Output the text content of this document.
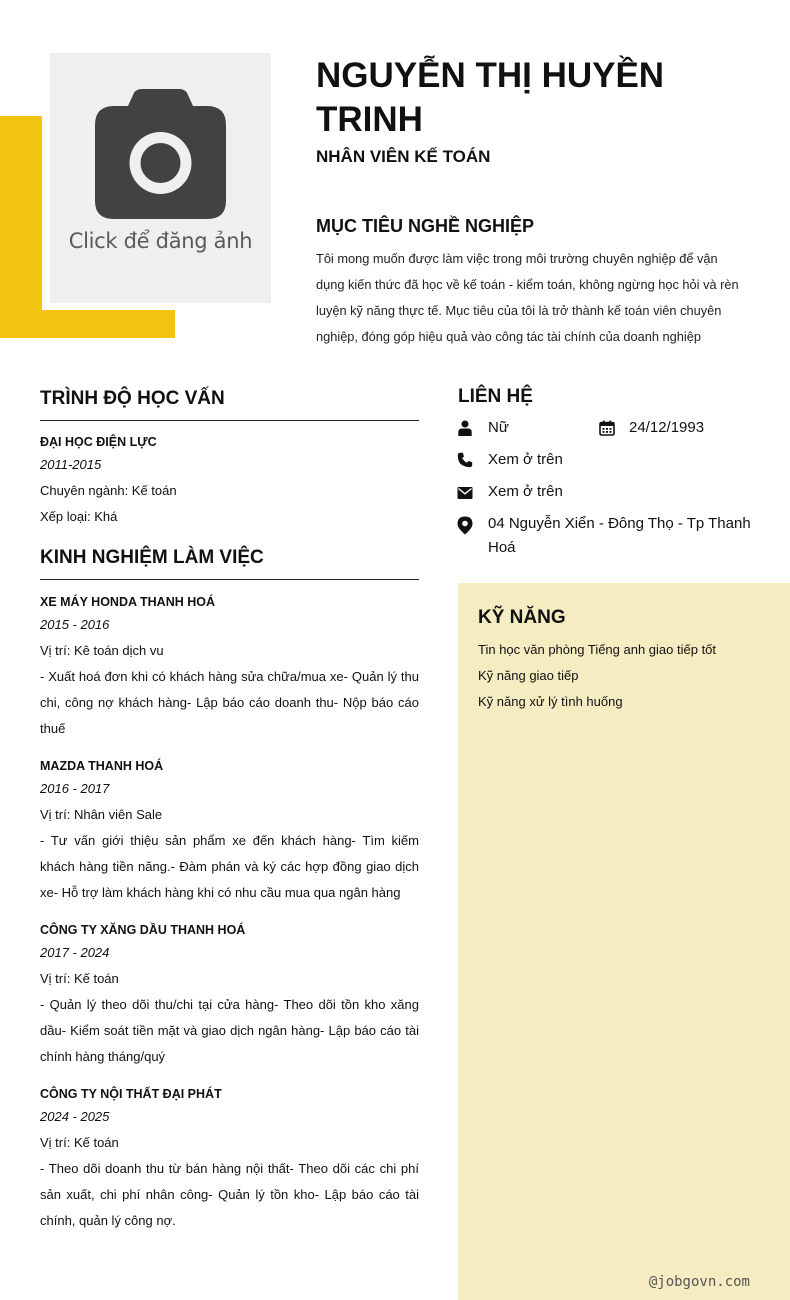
Click để đăng ảnh
NGUYỄN THỊ HUYỀN TRINH
NHÂN VIÊN KẾ TOÁN
MỤC TIÊU NGHỀ NGHIỆP
Tôi mong muốn được làm việc trong môi trường chuyên nghiệp để vận dụng kiến thức đã học về kế toán - kiểm toán, không ngừng học hỏi và rèn luyện kỹ năng thực tế. Mục tiêu của tôi là trở thành kế toán viên chuyên nghiệp, đóng góp hiệu quả vào công tác tài chính của doanh nghiệp
TRÌNH ĐỘ HỌC VẤN
ĐẠI HỌC ĐIỆN LỰC
2011-2015
Chuyên ngành: Kế toán
Xếp loại: Khá
KINH NGHIỆM LÀM VIỆC
XE MÁY HONDA THANH HOÁ
2015 - 2016
Vị trí: Kê toán dịch vu
- Xuất hoá đơn khi có khách hàng sửa chữa/mua xe- Quản lý thu chi, công nợ khách hàng- Lập báo cáo doanh thu- Nộp báo cáo thuế
MAZDA THANH HOÁ
2016 - 2017
Vị trí: Nhân viên Sale
- Tư vấn giới thiệu sản phẩm xe đến khách hàng- Tìm kiếm khách hàng tiền năng.- Đàm phán và ký các hợp đồng giao dịch xe- Hỗ trợ làm khách hàng khi có nhu cầu mua qua ngân hàng
CÔNG TY XĂNG DẦU THANH HOÁ
2017 - 2024
Vị trí: Kế toán
- Quản lý theo dõi thu/chi tại cửa hàng- Theo dõi tồn kho xăng dầu- Kiểm soát tiền mặt và giao dịch ngân hàng- Lập báo cáo tài chính hàng tháng/quý
CÔNG TY NỘI THẤT ĐẠI PHÁT
2024 - 2025
Vị trí: Kế toán
- Theo dõi doanh thu từ bán hàng nội thất- Theo dõi các chi phí sản xuất, chi phí nhân công- Quản lý tồn kho- Lập báo cáo tài chính, quản lý công nợ.
LIÊN HỆ
Nữ	24/12/1993
Xem ở trên
Xem ở trên
04 Nguyễn Xiển - Đông Thọ - Tp Thanh Hoá
KỸ NĂNG
Tin học văn phòng Tiếng anh giao tiếp tốt
Kỹ năng giao tiếp
Kỹ năng xử lý tình huống
@jobgovn.com
